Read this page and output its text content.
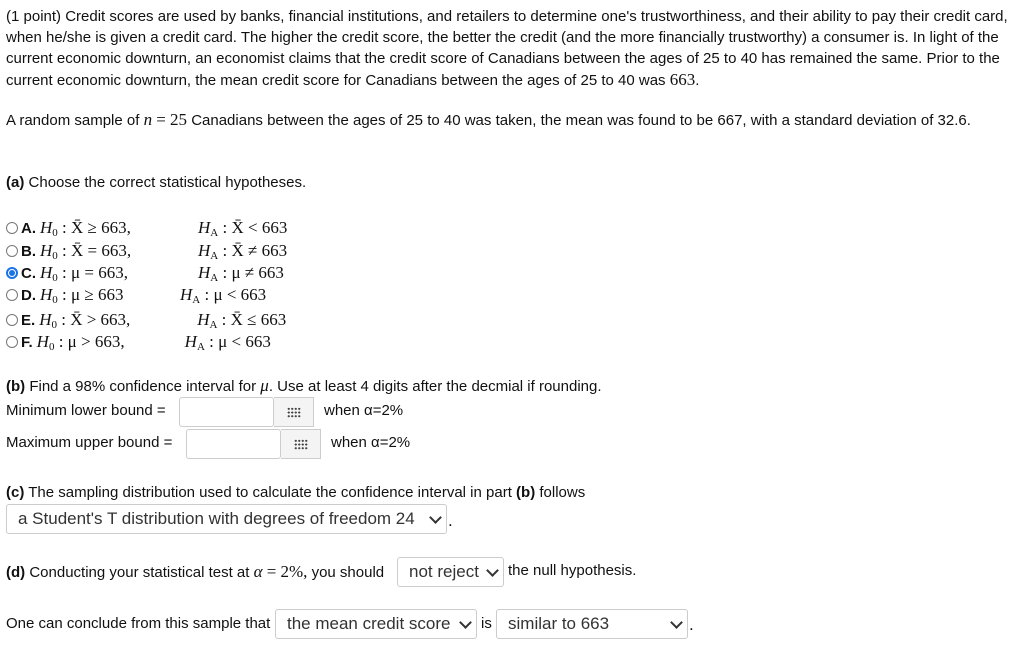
(1 point) Credit scores are used by banks, financial institutions, and retailers to determine one's trustworthiness, and their ability to pay their credit card, when he/she is given a credit card. The higher the credit score, the better the credit (and the more financially trustworthy) a consumer is. In light of the current economic downturn, an economist claims that the credit score of Canadians between the ages of 25 to 40 has remained the same. Prior to the current economic downturn, the mean credit score for Canadians between the ages of 25 to 40 was 663.
A random sample of n = 25 Canadians between the ages of 25 to 40 was taken, the mean was found to be 667, with a standard deviation of 32.6.
(a) Choose the correct statistical hypotheses.
A. $H_0$ : X̄ ≥ 663,	$H_A$ : X̄ < 663
B. $H_0$ : X̄ = 663,	$H_A$ : X̄ ≠ 663
C. $H_0$ : μ = 663,	$H_A$ : μ ≠ 663
D. $H_0$ : μ ≥ 663	$H_A$ : μ < 663
E. $H_0$ : X̄ > 663,	$H_A$ : X̄ ≤ 663
F. $H_0$ : μ > 663,	$H_A$ : μ < 663
(b) Find a 98% confidence interval for μ. Use at least 4 digits after the decmial if rounding.
Minimum lower bound =	when α=2%
Maximum upper bound =	when α=2%
(c) The sampling distribution used to calculate the confidence interval in part (b) follows
a Student's T distribution with degrees of freedom 24	.
(d) Conducting your statistical test at α = 2%, you should not reject the null hypothesis.
One can conclude from this sample that the mean credit score is similar to 663	.
